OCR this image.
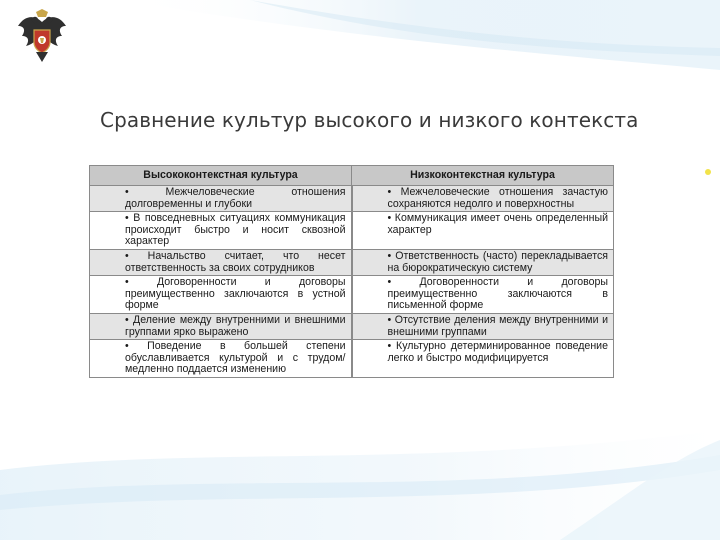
Сравнение культур высокого и низкого контекста
Высококонтекстная культура	Низкоконтекстная культура

• Межчеловеческие отношения долговременны и глубоки	• Межчеловеческие отношения зачастую сохраняются недолго и поверхностны

• В повседневных ситуациях коммуникация происходит быстро и носит сквозной характер	• Коммуникация имеет очень определенный характер

• Начальство считает, что несет ответственность за своих сотрудников	• Ответственность (часто) перекладывается на бюрократическую систему

• Договоренности и договоры преимущественно заключаются в устной форме	• Договоренности и договоры преимущественно заключаются в письменной форме

• Деление между внутренними и внешними группами ярко выражено	• Отсутствие деления между внутренними и внешними группами

• Поведение в большей степени обуславливается культурой и с трудом/медленно поддается изменению	• Культурно детерминированное поведение легко и быстро модифицируется
